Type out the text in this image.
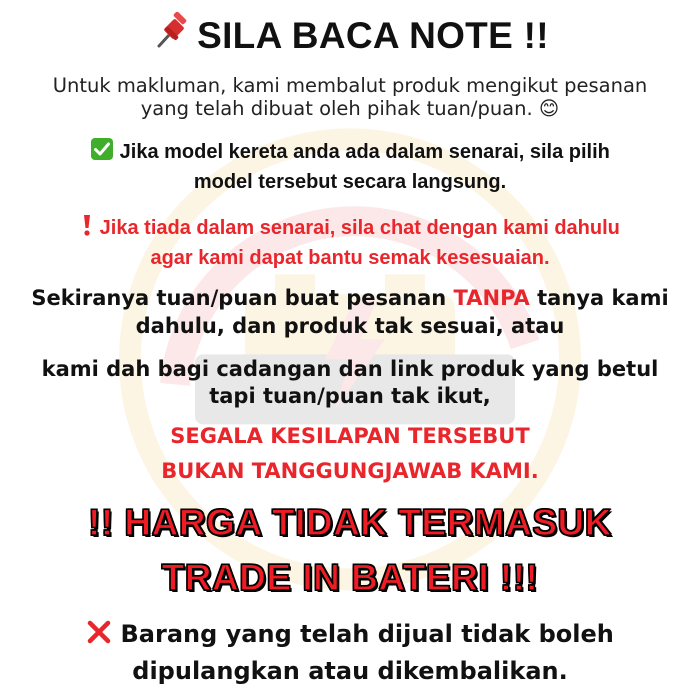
SILA BACA NOTE !!
Untuk makluman, kami membalut produk mengikut pesanan
yang telah dibuat oleh pihak tuan/puan. 😊
Jika model kereta anda ada dalam senarai, sila pilih
model tersebut secara langsung.
Jika tiada dalam senarai, sila chat dengan kami dahulu
agar kami dapat bantu semak kesesuaian.
Sekiranya tuan/puan buat pesanan TANPA tanya kami
dahulu, dan produk tak sesuai, atau
kami dah bagi cadangan dan link produk yang betul
tapi tuan/puan tak ikut,
SEGALA KESILAPAN TERSEBUT
BUKAN TANGGUNGJAWAB KAMI.
!! HARGA TIDAK TERMASUK
TRADE IN BATERI !!!
Barang yang telah dijual tidak boleh
dipulangkan atau dikembalikan.
